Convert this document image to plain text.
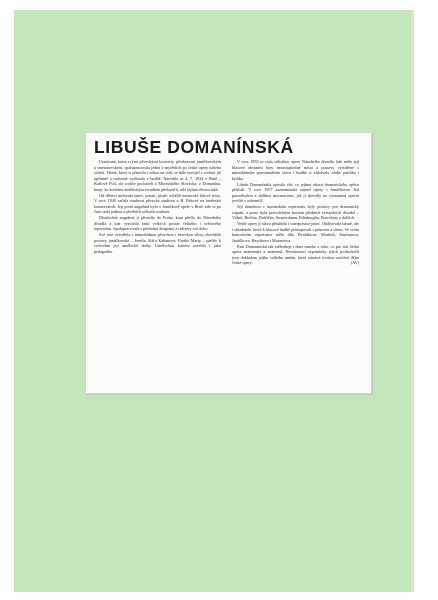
LIBUŠE DOMANÍNSKÁ

Uznávaná, která svými pěveckými koncerty, představení janáčkovským a smetanovským, spolupracovala jedna z největších po české opery našeho století. Talent, který si přinesla s sebou na svět, se dále rozvíjel v rodině, již upřímně a radostně vyrůstala v hudbě. Narodila se 4. 7. 1924 v Brně – Králově Poli, ale rodiče pocházeli z Moravského Slovácka, z Domanína, kraje, ke kterému uměleckým zrcadlem pěvkyně k celé jejímu životu také.

Od dětství milovala tanec, poezii, písně, zvláště moravské lidové texty. V roce 1940 začala studovat pěvecké studium u H. Pekové na brněnské konzervatoři. Její první angažmá bylo v Janáčkově opeře v Brně, kde se po čase stala jednou z předních sólistek souboru.

Dlouholeté angažmá ji přivedlo do Prahy, kam přešla do Národního divadla a kde vytvořila řadu velkých postav českého i světového repertoáru. Spolupracovala s předními dirigenty a režiséry své doby.

Své role vytvářela s mimořádnou pěveckou i hereckou silou; obzvláště postavy janáčkovské – Jenůfa, Káťa Kabanová, Emilie Marty – patřily k vrcholům její umělecké dráhy. Uměleckou kariéru završila i jako pedagožka.

V roce 1955 se stala sólistkou opery Národního divadla, kde mělo její hlasové obsazení brzy nezastupitelné místo a postavy vytvářené s mimořádným porozuměním slovu i hudbě si získávaly obdiv publika i kritiky.

Libuše Domanínská zpívala vše, co jejímu oboru dramatického zpěvu přísluší. V roce 1957 zaznamenala zájezd opery s Janáčkovou Její pastorkyňou a dalšími inscenacemi, jež ji dovedly na významná operní jeviště v zahraničí.

Její doménou v tuzemském repertoáru byly postavy pro dramatický soprán, a proto byla pravidelným hostem předních evropských divadel – Vídně, Berlína, Drážďan, Amsterdamu, Edinburghu, Barcelony a dalších.

Vedle opery jí slávu přinášela i interpretace písní. Obdivovala básně, ale i skladatele, které k hlasové hudbě přistupovali s pokorou a citem. Ve svém koncertním repertoáru měla díla Dvořákova, Martinů, Smetanova, Janáčkova, Haydnova i Mozartova.

Paní Domanínská tak ztělesňuje i dnes mnoho z toho, co pro nás česká opera znamenala a znamená. Nestárnoucí vzpomínky jejích posluchačů jsou dokladem jejího velkého umění, které zůstává trvalou součástí dějin české opery.	(AV)
